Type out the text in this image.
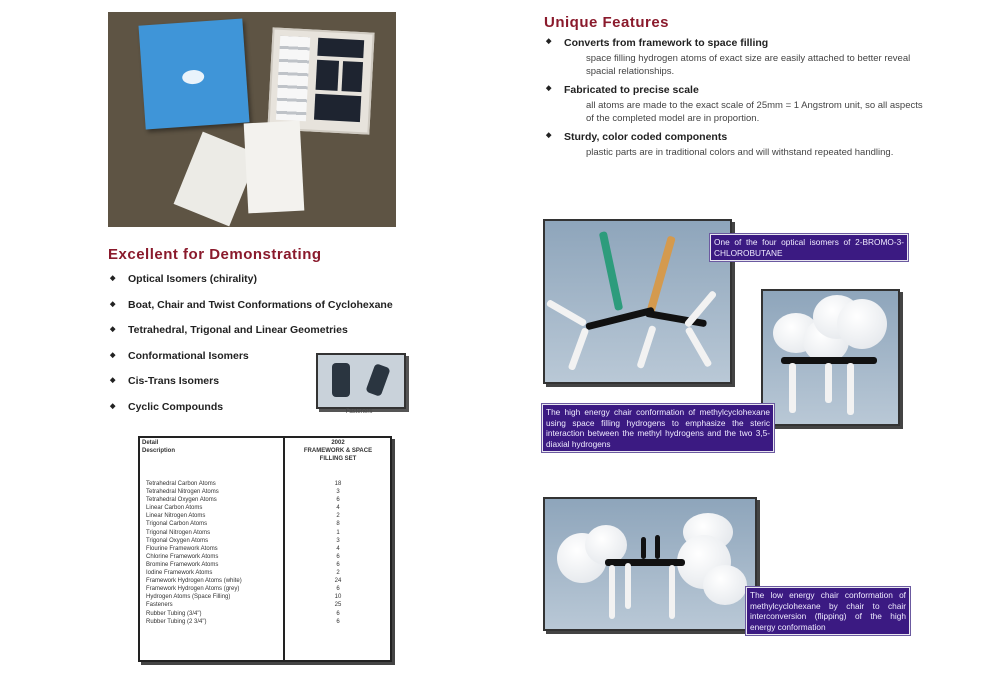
Excellent for Demonstrating
◆ Optical Isomers (chirality)
◆ Boat, Chair and Twist Conformations of Cyclohexane
◆ Tetrahedral, Trigonal and Linear Geometries
◆ Conformational Isomers
◆ Cis-Trans Isomers
◆ Cyclic Compounds	Fasteners
Detail
Description
2002
FRAMEWORK & SPACE
FILLING SET
Tetrahedral Carbon Atoms	18
Tetrahedral Nitrogen Atoms	3
Tetrahedral Oxygen Atoms	6
Linear Carbon Atoms	4
Linear Nitrogen Atoms	2
Trigonal Carbon Atoms	8
Trigonal Nitrogen Atoms	1
Trigonal Oxygen Atoms	3
Flourine Framework Atoms	4
Chlorine Framework Atoms	6
Bromine Framework Atoms	6
Iodine Framework Atoms	2
Framework Hydrogen Atoms (white)	24
Framework Hydrogen Atoms (grey)	6
Hydrogen Atoms (Space Filling)	10
Fasteners	25
Rubber Tubing (3/4")	6
Rubber Tubing (2 3/4")	6
Unique Features
◆ Converts from framework to space filling
space filling hydrogen atoms of exact size are easily attached to better reveal spacial relationships.
◆ Fabricated to precise scale
all atoms are made to the exact scale of 25mm = 1 Angstrom unit, so all aspects of the completed model are in proportion.
◆ Sturdy, color coded components
plastic parts are in traditional colors and will withstand repeated handling.
One of the four optical isomers of 2-BROMO-3-CHLOROBUTANE
The high energy chair conformation of methylcyclohexane using space filling hydrogens to emphasize the steric interaction between the methyl hydrogens and the two 3,5- diaxial hydrogens
The low energy chair conformation of methylcyclohexane by chair to chair interconversion (flipping) of the high energy conformation
